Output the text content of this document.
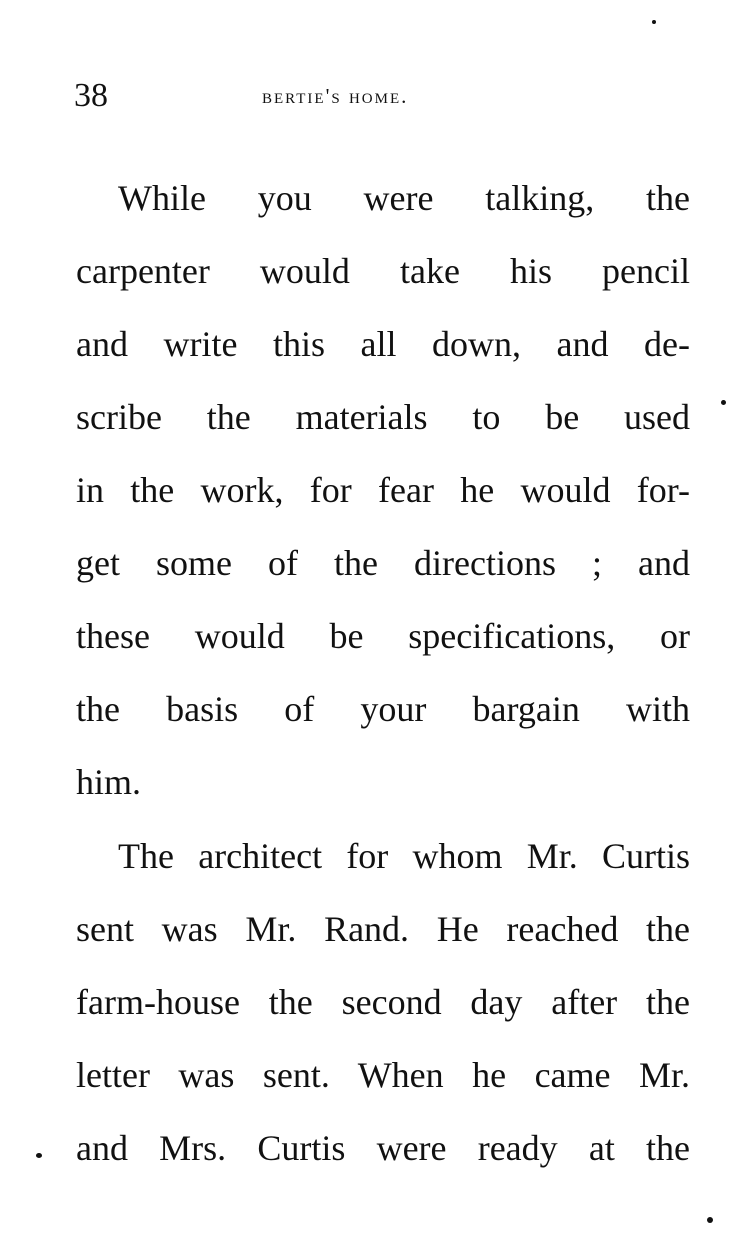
38	bertie's home.

While you were talking, the

carpenter would take his pencil

and write this all down, and de-

scribe the materials to be used

in the work, for fear he would for-

get some of the directions ; and

these would be specifications, or

the basis of your bargain with

him.

The architect for whom Mr. Curtis

sent was Mr. Rand. He reached the

farm-house the second day after the

letter was sent. When he came Mr.

and Mrs. Curtis were ready at the
